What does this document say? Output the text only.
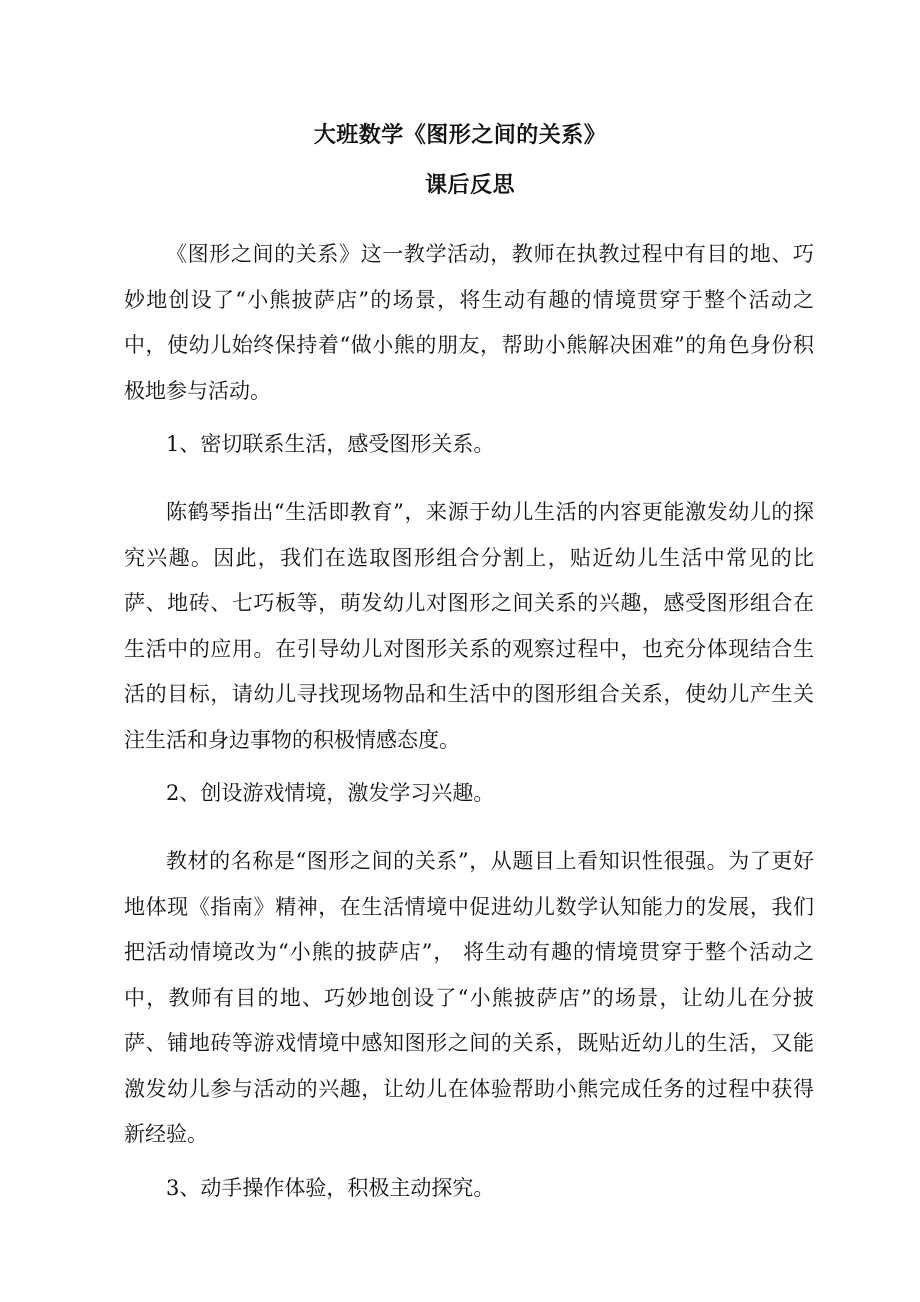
大班数学《图形之间的关系》
课后反思

《图形之间的关系》这一教学活动，教师在执教过程中有目的地、巧妙地创设了“小熊披萨店”的场景，将生动有趣的情境贯穿于整个活动之中，使幼儿始终保持着“做小熊的朋友，帮助小熊解决困难”的角色身份积极地参与活动。

1、密切联系生活，感受图形关系。

陈鹤琴指出“生活即教育”，来源于幼儿生活的内容更能激发幼儿的探究兴趣。因此，我们在选取图形组合分割上，贴近幼儿生活中常见的比萨、地砖、七巧板等，萌发幼儿对图形之间关系的兴趣，感受图形组合在生活中的应用。在引导幼儿对图形关系的观察过程中，也充分体现结合生活的目标，请幼儿寻找现场物品和生活中的图形组合关系，使幼儿产生关注生活和身边事物的积极情感态度。

2、创设游戏情境，激发学习兴趣。

教材的名称是“图形之间的关系”，从题目上看知识性很强。为了更好地体现《指南》精神，在生活情境中促进幼儿数学认知能力的发展，我们把活动情境改为“小熊的披萨店”， 将生动有趣的情境贯穿于整个活动之中，教师有目的地、巧妙地创设了“小熊披萨店”的场景，让幼儿在分披萨、铺地砖等游戏情境中感知图形之间的关系，既贴近幼儿的生活，又能激发幼儿参与活动的兴趣，让幼儿在体验帮助小熊完成任务的过程中获得新经验。

3、动手操作体验，积极主动探究。
